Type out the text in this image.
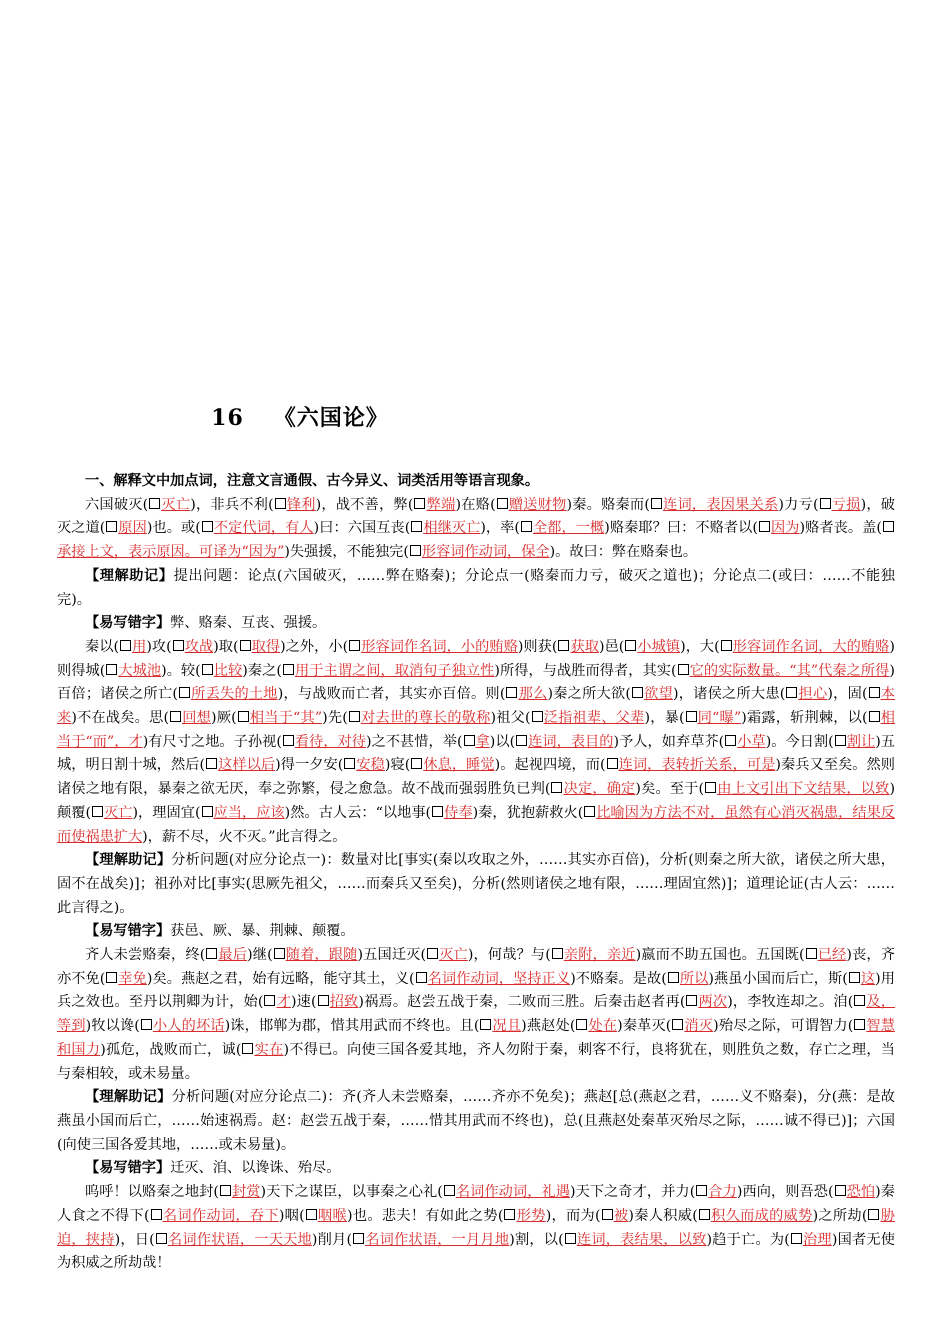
16 《六国论》
一、解释文中加点词，注意文言通假、古今异义、词类活用等语言现象。
六国破灭( 灭亡)，非兵不利( 锋利)，战不善，弊( 弊端)在赂( 赠送财物)秦。赂秦而( 连词，表因果关系)力亏( 亏损)，破灭之道( 原因)也。或( 不定代词，有人)曰：六国互丧( 相继灭亡)，率( 全都，一概)赂秦耶？曰：不赂者以( 因为)赂者丧。盖(承接上文，表示原因。可译为“因为”)失强援，不能独完( 形容词作动词，保全)。故曰：弊在赂秦也。
【理解助记】提出问题：论点(六国破灭，……弊在赂秦)；分论点一(赂秦而力亏，破灭之道也)；分论点二(或曰：……不能独完)。
【易写错字】弊、赂秦、互丧、强援。
秦以( 用)攻( 攻战)取( 取得)之外，小( 形容词作名词，小的贿赂)则获( 获取)邑( 小城镇)，大( 形容词作名词，大的贿赂)则得城( 大城池)。较( 比较)秦之( 用于主谓之间，取消句子独立性)所得，与战胜而得者，其实( 它的实际数量。“其”代秦之所得)百倍；诸侯之所亡( 所丢失的土地)，与战败而亡者，其实亦百倍。则( 那么)秦之所大欲( 欲望)，诸侯之所大患( 担心)，固( 本来)不在战矣。思( 回想)厥( 相当于“其”)先( 对去世的尊长的敬称)祖父( 泛指祖辈、父辈)，暴( 同“曝”)霜露，斩荆棘，以( 相当于“而”，才)有尺寸之地。子孙视( 看待，对待)之不甚惜，举( 拿)以( 连词，表目的)予人，如弃草芥( 小草)。今日割( 割让)五城，明日割十城，然后( 这样以后)得一夕安( 安稳)寝( 休息，睡觉)。起视四境，而( 连词，表转折关系，可是)秦兵又至矣。然则诸侯之地有限，暴秦之欲无厌，奉之弥繁，侵之愈急。故不战而强弱胜负已判( 决定，确定)矣。至于( 由上文引出下文结果，以致)颠覆( 灭亡)，理固宜( 应当，应该)然。古人云：“以地事( 侍奉)秦，犹抱薪救火( 比喻因为方法不对，虽然有心消灭祸患，结果反而使祸患扩大)，薪不尽，火不灭。”此言得之。
【理解助记】分析问题(对应分论点一)：数量对比[事实(秦以攻取之外，……其实亦百倍)，分析(则秦之所大欲，诸侯之所大患，固不在战矣)]；祖孙对比[事实(思厥先祖父，……而秦兵又至矣)，分析(然则诸侯之地有限，……理固宜然)]；道理论证(古人云：……此言得之)。
【易写错字】获邑、厥、暴、荆棘、颠覆。
齐人未尝赂秦，终( 最后)继( 随着，跟随)五国迁灭( 灭亡)，何哉？与( 亲附，亲近)嬴而不助五国也。五国既( 已经)丧，齐亦不免( 幸免)矣。燕赵之君，始有远略，能守其土，义( 名词作动词，坚持正义)不赂秦。是故( 所以)燕虽小国而后亡，斯( 这)用兵之效也。至丹以荆卿为计，始( 才)速( 招致)祸焉。赵尝五战于秦，二败而三胜。后秦击赵者再( 两次)，李牧连却之。洎( 及，等到)牧以谗( 小人的坏话)诛，邯郸为郡，惜其用武而不终也。且( 况且)燕赵处( 处在)秦革灭( 消灭)殆尽之际，可谓智力( 智慧和国力)孤危，战败而亡，诚( 实在)不得已。向使三国各爱其地，齐人勿附于秦，刺客不行，良将犹在，则胜负之数，存亡之理，当与秦相较，或未易量。
【理解助记】分析问题(对应分论点二)：齐(齐人未尝赂秦，……齐亦不免矣)；燕赵[总(燕赵之君，……义不赂秦)，分(燕：是故燕虽小国而后亡，……始速祸焉。赵：赵尝五战于秦，……惜其用武而不终也)，总(且燕赵处秦革灭殆尽之际，……诚不得已)]；六国(向使三国各爱其地，……或未易量)。
【易写错字】迁灭、洎、以谗诛、殆尽。
呜呼！以赂秦之地封( 封赏)天下之谋臣，以事秦之心礼( 名词作动词，礼遇)天下之奇才，并力( 合力)西向，则吾恐( 恐怕)秦人食之不得下( 名词作动词，吞下)咽( 咽喉)也。悲夫！有如此之势( 形势)，而为( 被)秦人积威( 积久而成的威势)之所劫( 胁迫，挟持)，日( 名词作状语，一天天地)削月( 名词作状语，一月月地)割，以( 连词，表结果，以致)趋于亡。为( 治理)国者无使为积威之所劫哉！
